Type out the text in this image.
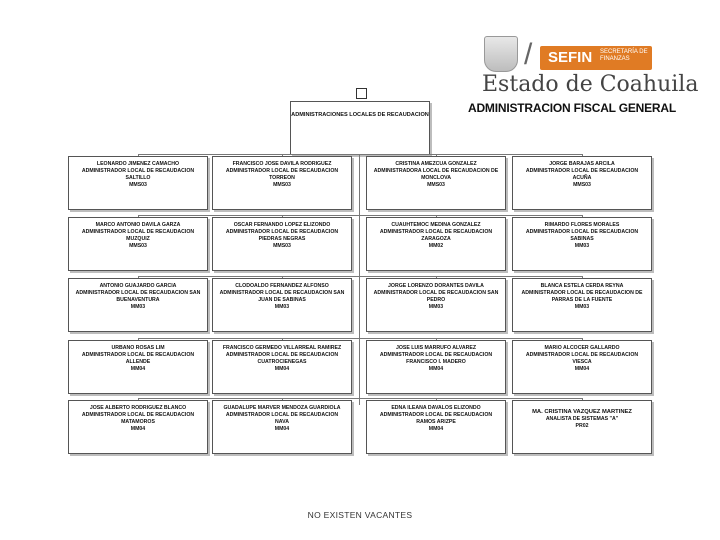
/ SEFIN SECRETARÍA DE FINANZAS
Estado de Coahuila
ADMINISTRACION FISCAL GENERAL
ADMINISTRACIONES LOCALES DE RECAUDACION
LEONARDO JIMENEZ CAMACHO
ADMINISTRADOR LOCAL DE RECAUDACION
SALTILLO
MMS03
FRANCISCO JOSE DAVILA RODRIGUEZ
ADMINISTRADOR LOCAL DE RECAUDACION
TORREON
MMS03
CRISTINA AMEZCUA GONZALEZ
ADMINISTRADORA LOCAL DE RECAUDACION DE
MONCLOVA
MMS03
JORGE BARAJAS ARCILA
ADMINISTRADOR LOCAL DE RECAUDACION
ACUÑA
MMS03
MARCO ANTONIO DAVILA GARZA
ADMINISTRADOR LOCAL DE RECAUDACION
MUZQUIZ
MMS03
OSCAR FERNANDO LOPEZ ELIZONDO
ADMINISTRADOR LOCAL DE RECAUDACION
PIEDRAS NEGRAS
MMS03
CUAUHTEMOC MEDINA GONZALEZ
ADMINISTRADOR LOCAL DE RECAUDACION
ZARAGOZA
MM02
RIMARDO FLORES MORALES
ADMINISTRADOR LOCAL DE RECAUDACION
SABINAS
MM03
ANTONIO GUAJARDO GARCIA
ADMINISTRADOR LOCAL DE RECAUDACION SAN
BUENAVENTURA
MM03
CLODOALDO FERNANDEZ ALFONSO
ADMINISTRADOR LOCAL DE RECAUDACION SAN
JUAN DE SABINAS
MM03
JORGE LORENZO DORANTES DAVILA
ADMINISTRADOR LOCAL DE RECAUDACION SAN
PEDRO
MM03
BLANCA ESTELA CERDA REYNA
ADMINISTRADOR LOCAL DE RECAUDACION DE
PARRAS DE LA FUENTE
MM03
URBANO ROSAS LIM
ADMINISTRADOR LOCAL DE RECAUDACION
ALLENDE
MM04
FRANCISCO GERMEDO VILLARREAL RAMIREZ
ADMINISTRADOR LOCAL DE RECAUDACION
CUATROCIENEGAS
MM04
JOSE LUIS MARRUFO ALVAREZ
ADMINISTRADOR LOCAL DE RECAUDACION
FRANCISCO I. MADERO
MM04
MARIO ALCOCER GALLARDO
ADMINISTRADOR LOCAL DE RECAUDACION
VIESCA
MM04
JOSE ALBERTO RODRIGUEZ BLANCO
ADMINISTRADOR LOCAL DE RECAUDACION
MATAMOROS
MM04
GUADALUPE MARVER MENDOZA GUARDIOLA
ADMINISTRADOR LOCAL DE RECAUDACION
NAVA
MM04
EDNA ILEANA DAVALOS ELIZONDO
ADMINISTRADOR LOCAL DE RECAUDACION
RAMOS ARIZPE
MM04
MA. CRISTINA VAZQUEZ MARTINEZ
ANALISTA DE SISTEMAS "A"
PR02
NO EXISTEN VACANTES
